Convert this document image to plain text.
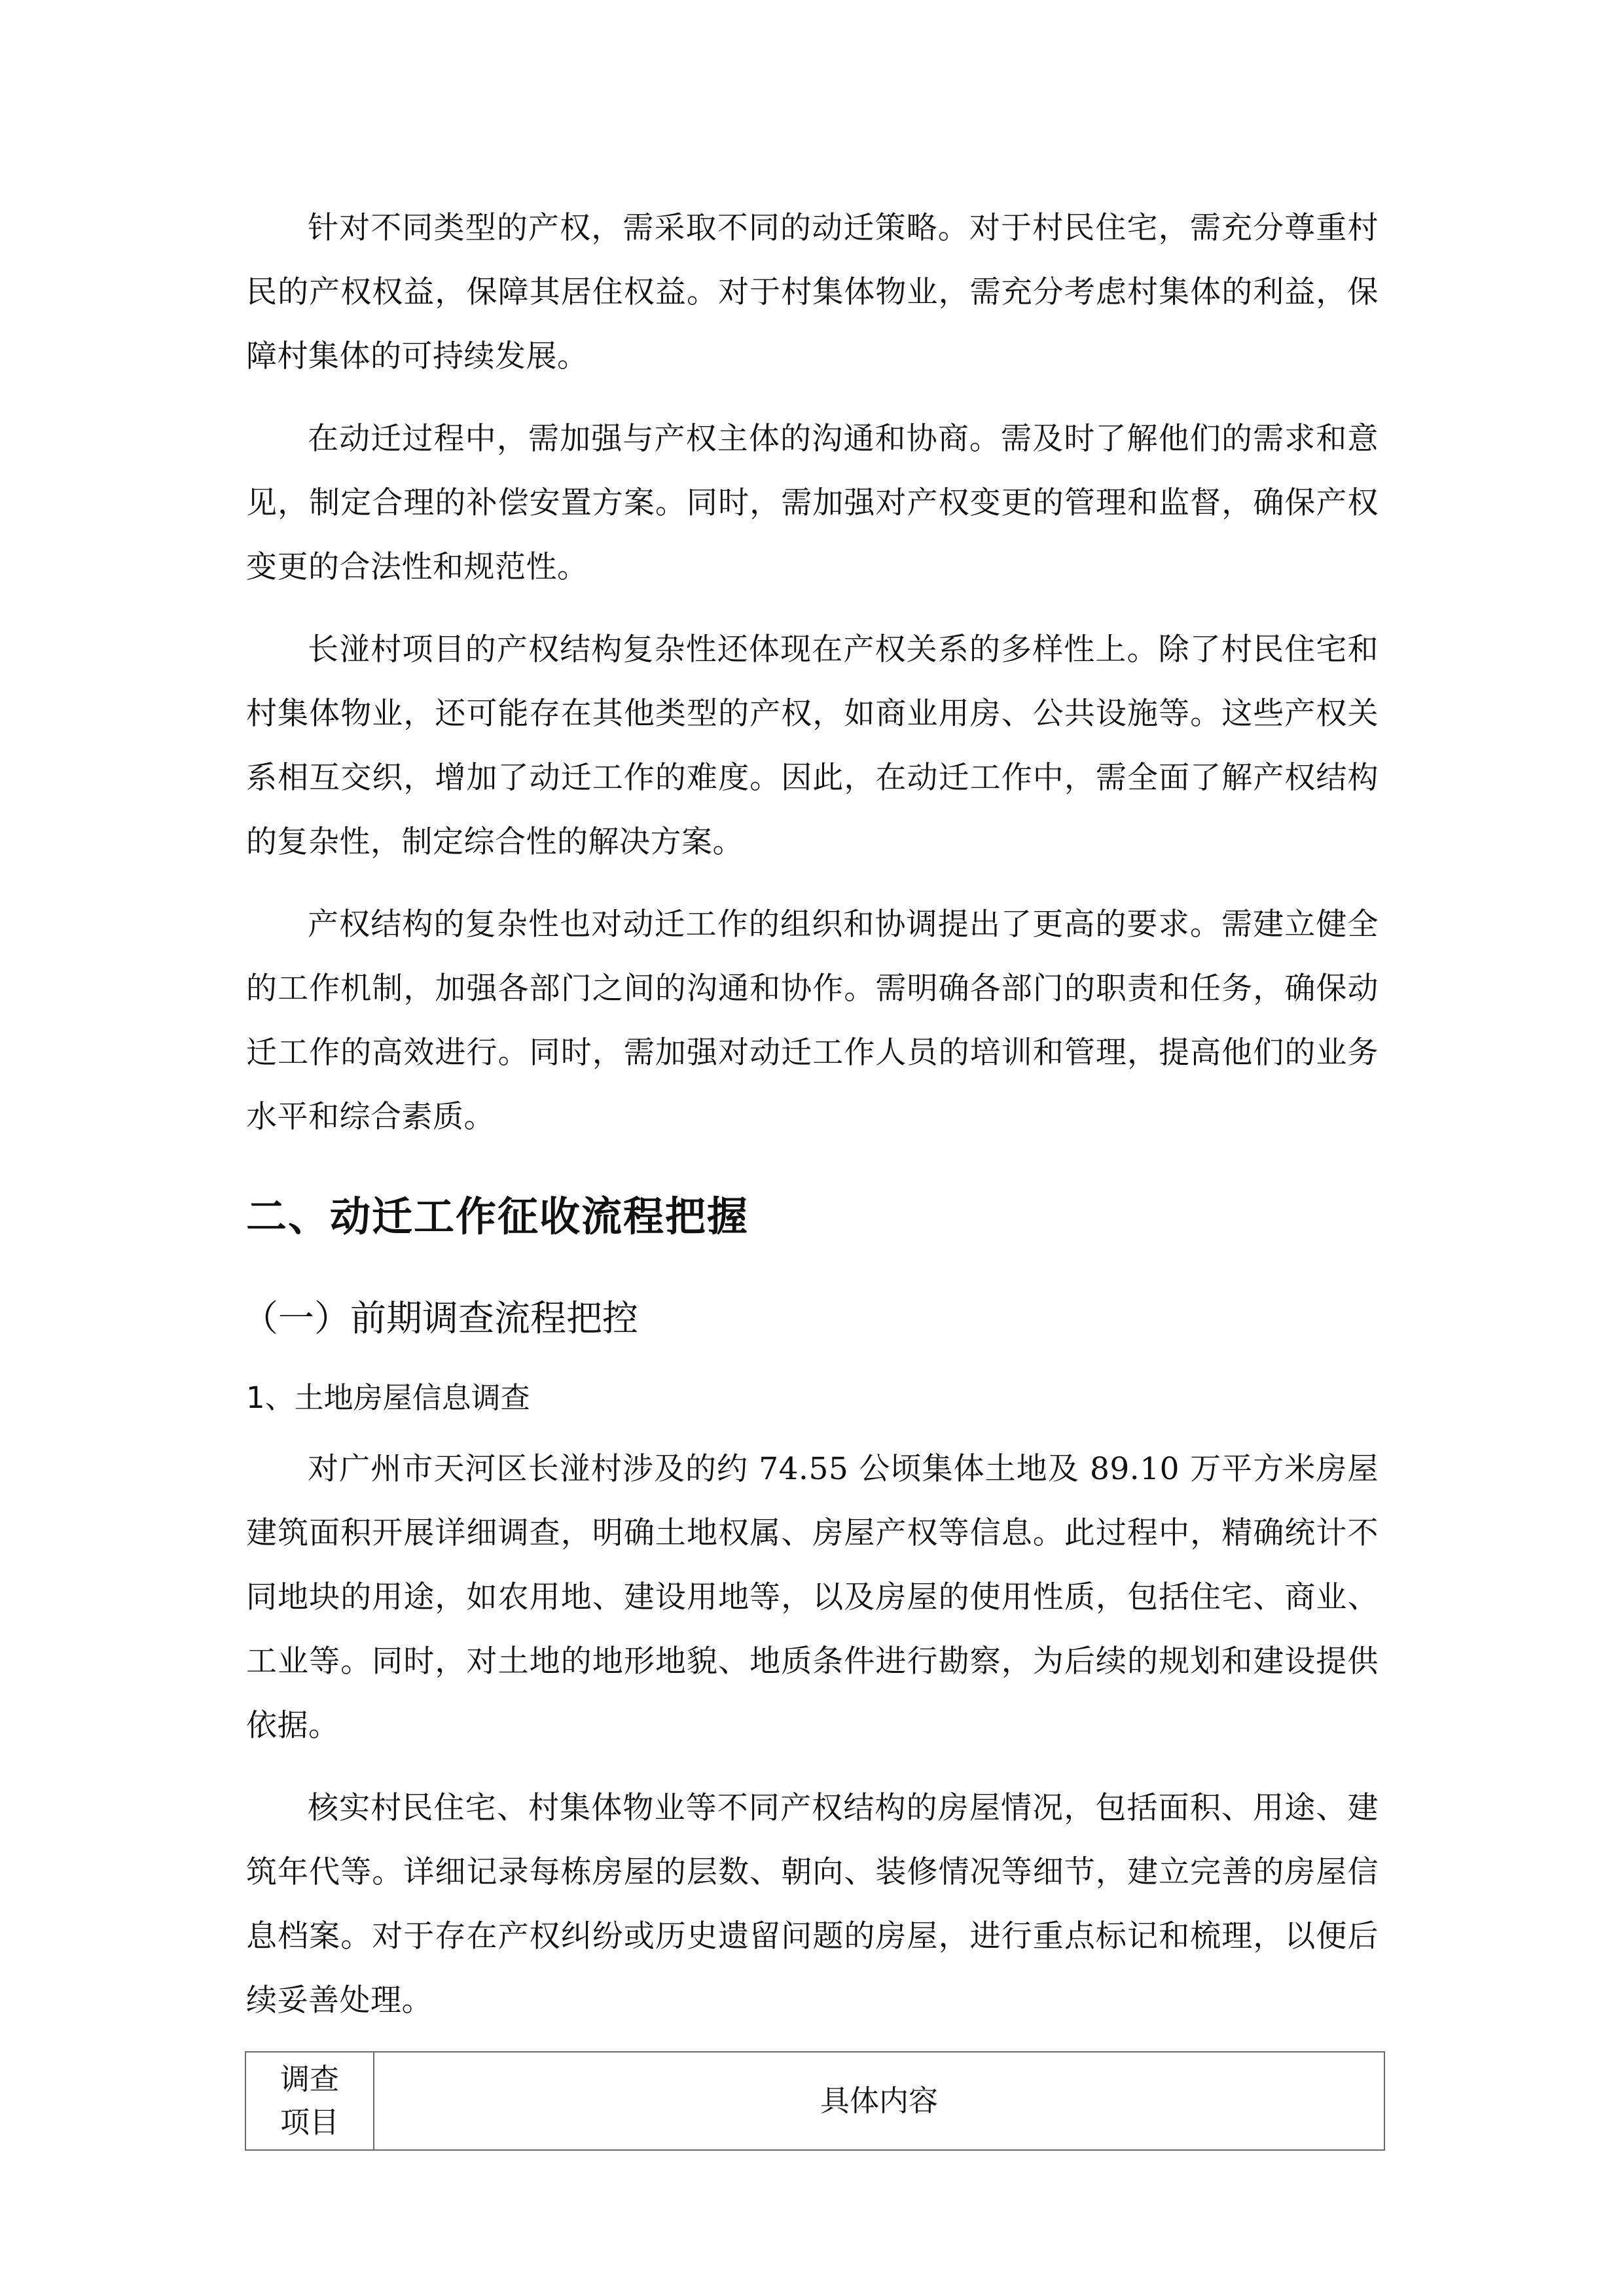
针对不同类型的产权，需采取不同的动迁策略。对于村民住宅，需充分尊重村民的产权权益，保障其居住权益。对于村集体物业，需充分考虑村集体的利益，保障村集体的可持续发展。

在动迁过程中，需加强与产权主体的沟通和协商。需及时了解他们的需求和意见，制定合理的补偿安置方案。同时，需加强对产权变更的管理和监督，确保产权变更的合法性和规范性。

长湴村项目的产权结构复杂性还体现在产权关系的多样性上。除了村民住宅和村集体物业，还可能存在其他类型的产权，如商业用房、公共设施等。这些产权关系相互交织，增加了动迁工作的难度。因此，在动迁工作中，需全面了解产权结构的复杂性，制定综合性的解决方案。

产权结构的复杂性也对动迁工作的组织和协调提出了更高的要求。需建立健全的工作机制，加强各部门之间的沟通和协作。需明确各部门的职责和任务，确保动迁工作的高效进行。同时，需加强对动迁工作人员的培训和管理，提高他们的业务水平和综合素质。

二、动迁工作征收流程把握
（一）前期调查流程把控
1、土地房屋信息调查

对广州市天河区长湴村涉及的约 74.55 公顷集体土地及 89.10 万平方米房屋建筑面积开展详细调查，明确土地权属、房屋产权等信息。此过程中，精确统计不同地块的用途，如农用地、建设用地等，以及房屋的使用性质，包括住宅、商业、工业等。同时，对土地的地形地貌、地质条件进行勘察，为后续的规划和建设提供依据。

核实村民住宅、村集体物业等不同产权结构的房屋情况，包括面积、用途、建筑年代等。详细记录每栋房屋的层数、朝向、装修情况等细节，建立完善的房屋信息档案。对于存在产权纠纷或历史遗留问题的房屋，进行重点标记和梳理，以便后续妥善处理。

调查项目	具体内容
